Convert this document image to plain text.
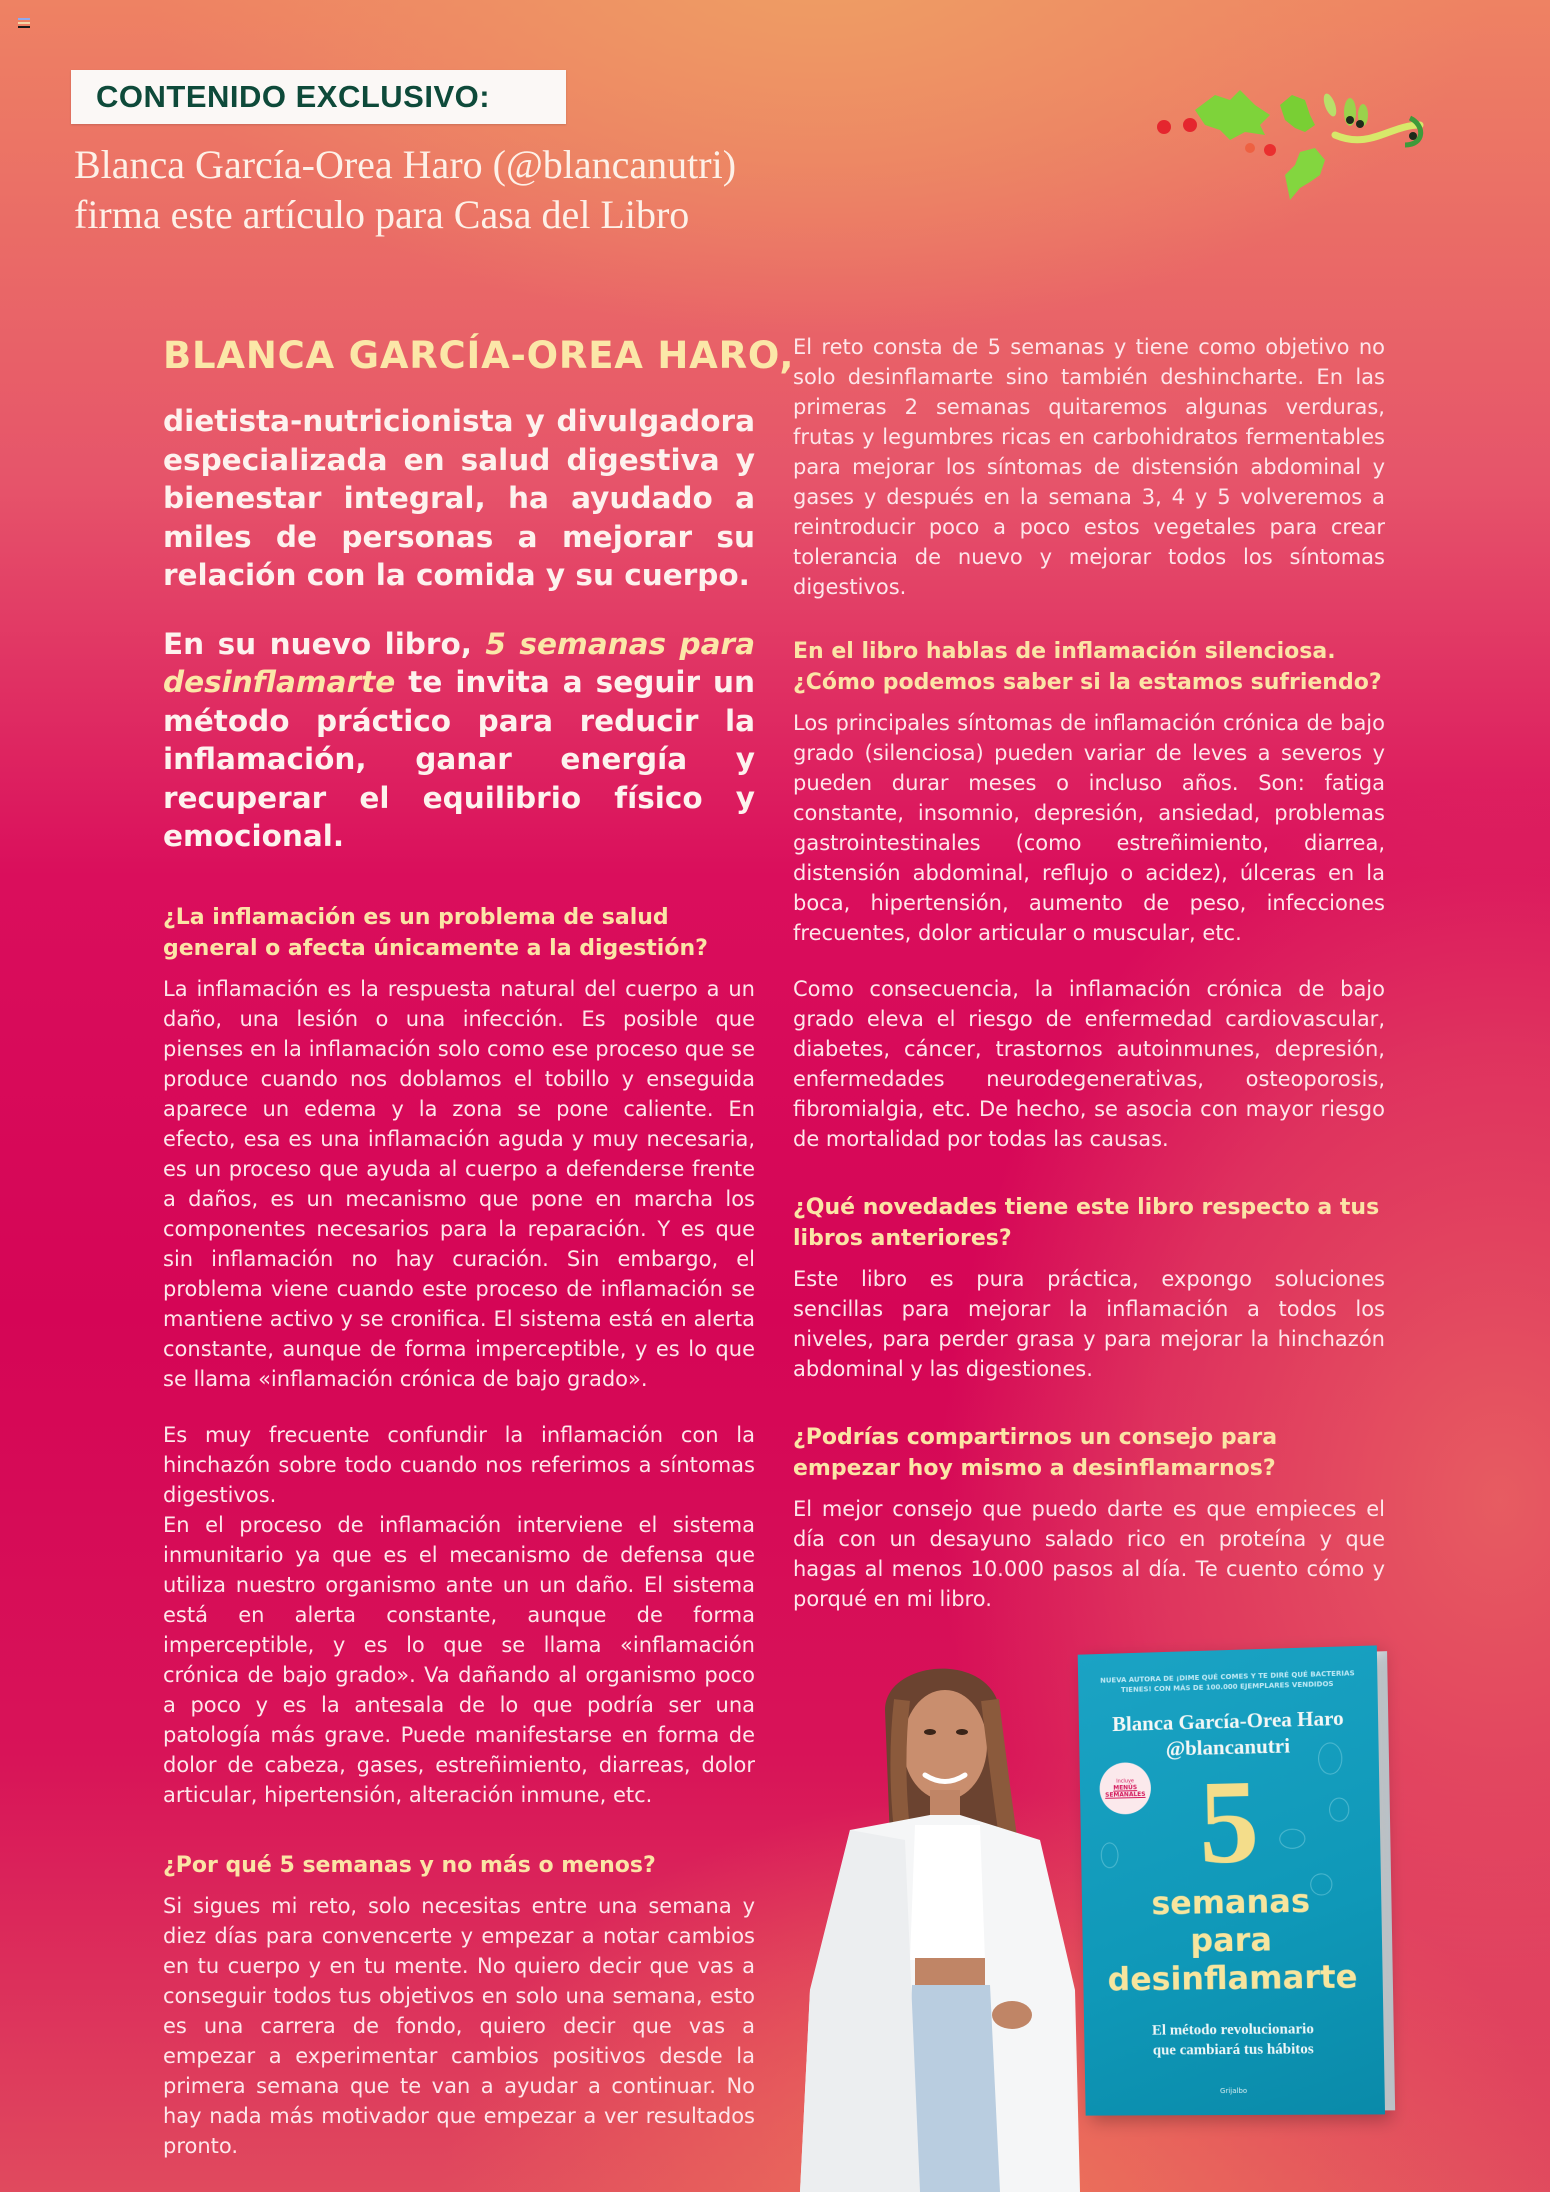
CONTENIDO EXCLUSIVO:
Blanca García-Orea Haro (@blancanutri)
firma este artículo para Casa del Libro
BLANCA GARCÍA-OREA HARO,

dietista-nutricionista y divulgadora especializada en salud digestiva y bienestar integral, ha ayudado a miles de personas a mejorar su relación con la comida y su cuerpo.

En su nuevo libro, 5 semanas para desinflamarte te invita a seguir un método práctico para reducir la inflamación, ganar energía y recuperar el equilibrio físico y emocional.

¿La inflamación es un problema de salud general o afecta únicamente a la digestión?

La inflamación es la respuesta natural del cuerpo a un daño, una lesión o una infección. Es posible que pienses en la inflamación solo como ese proceso que se produce cuando nos doblamos el tobillo y enseguida aparece un edema y la zona se pone caliente. En efecto, esa es una inflamación aguda y muy necesaria, es un proceso que ayuda al cuerpo a defenderse frente a daños, es un mecanismo que pone en marcha los componentes necesarios para la reparación. Y es que sin inflamación no hay curación. Sin embargo, el problema viene cuando este proceso de inflamación se mantiene activo y se cronifica. El sistema está en alerta constante, aunque de forma imperceptible, y es lo que se llama «inflamación crónica de bajo grado».

Es muy frecuente confundir la inflamación con la hinchazón sobre todo cuando nos referimos a síntomas digestivos.

En el proceso de inflamación interviene el sistema inmunitario ya que es el mecanismo de defensa que utiliza nuestro organismo ante un un daño. El sistema está en alerta constante, aunque de forma imperceptible, y es lo que se llama «inflamación crónica de bajo grado». Va dañando al organismo poco a poco y es la antesala de lo que podría ser una patología más grave. Puede manifestarse en forma de dolor de cabeza, gases, estreñimiento, diarreas, dolor articular, hipertensión, alteración inmune, etc.

¿Por qué 5 semanas y no más o menos?

Si sigues mi reto, solo necesitas entre una semana y diez días para convencerte y empezar a notar cambios en tu cuerpo y en tu mente. No quiero decir que vas a conseguir todos tus objetivos en solo una semana, esto es una carrera de fondo, quiero decir que vas a empezar a experimentar cambios positivos desde la primera semana que te van a ayudar a continuar. No hay nada más motivador que empezar a ver resultados pronto.

El reto consta de 5 semanas y tiene como objetivo no solo desinflamarte sino también deshincharte. En las primeras 2 semanas quitaremos algunas verduras, frutas y legumbres ricas en carbohidratos fermentables para mejorar los síntomas de distensión abdominal y gases y después en la semana 3, 4 y 5 volveremos a reintroducir poco a poco estos vegetales para crear tolerancia de nuevo y mejorar todos los síntomas digestivos.

En el libro hablas de inflamación silenciosa. ¿Cómo podemos saber si la estamos sufriendo?

Los principales síntomas de inflamación crónica de bajo grado (silenciosa) pueden variar de leves a severos y pueden durar meses o incluso años. Son: fatiga constante, insomnio, depresión, ansiedad, problemas gastrointestinales (como estreñimiento, diarrea, distensión abdominal, reflujo o acidez), úlceras en la boca, hipertensión, aumento de peso, infecciones frecuentes, dolor articular o muscular, etc.

Como consecuencia, la inflamación crónica de bajo grado eleva el riesgo de enfermedad cardiovascular, diabetes, cáncer, trastornos autoinmunes, depresión, enfermedades neurodegenerativas, osteoporosis, fibromialgia, etc. De hecho, se asocia con mayor riesgo de mortalidad por todas las causas.

¿Qué novedades tiene este libro respecto a tus libros anteriores?

Este libro es pura práctica, expongo soluciones sencillas para mejorar la inflamación a todos los niveles, para perder grasa y para mejorar la hinchazón abdominal y las digestiones.

¿Podrías compartirnos un consejo para empezar hoy mismo a desinflamarnos?

El mejor consejo que puedo darte es que empieces el día con un desayuno salado rico en proteína y que hagas al menos 10.000 pasos al día. Te cuento cómo y porqué en mi libro.

NUEVA AUTORA DE ¡DIME QUÉ COMES Y TE DIRÉ QUÉ BACTERIAS TIENES! CON MÁS DE 100.000 EJEMPLARES VENDIDOS
Blanca García-Orea Haro
@blancanutri
Incluye
MENÚS SEMANALES 5
semanas
para
desinflamarte
El método revolucionario
que cambiará tus hábitos
Grijalbo
